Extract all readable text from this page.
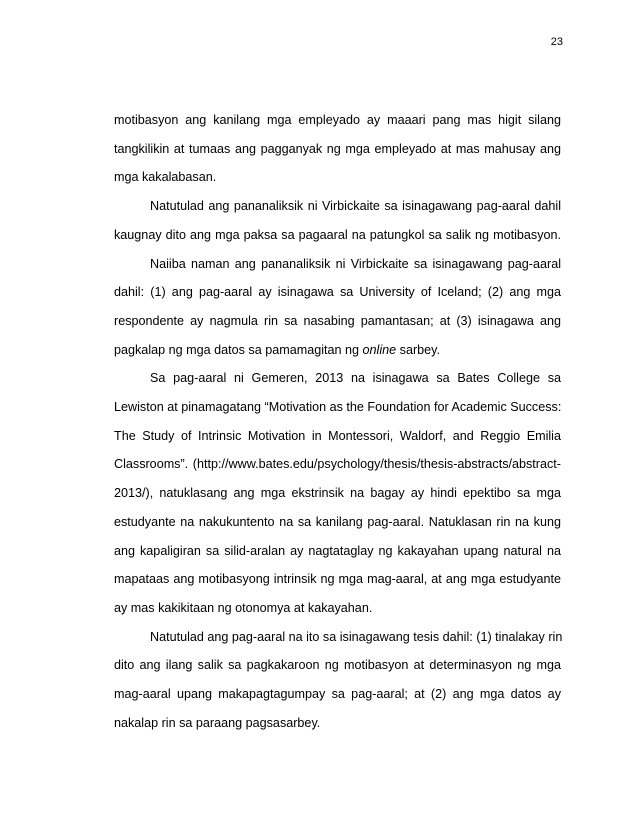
23
motibasyon ang kanilang mga empleyado ay maaari pang mas higit silang
tangkilikin at tumaas ang pagganyak ng mga empleyado at mas mahusay ang
mga kakalabasan.
Natutulad ang pananaliksik ni Virbickaite sa isinagawang pag-aaral dahil
kaugnay dito ang mga paksa sa pagaaral na patungkol sa salik ng motibasyon.
Naiiba naman ang pananaliksik ni Virbickaite sa isinagawang pag-aaral
dahil: (1) ang pag-aaral ay isinagawa sa University of Iceland; (2) ang mga
respondente ay nagmula rin sa nasabing pamantasan; at (3) isinagawa ang
pagkalap ng mga datos sa pamamagitan ng online sarbey.
Sa pag-aaral ni Gemeren, 2013 na isinagawa sa Bates College sa
Lewiston at pinamagatang “Motivation as the Foundation for Academic Success:
The Study of Intrinsic Motivation in Montessori, Waldorf, and Reggio Emilia
Classrooms”. (http://www.bates.edu/psychology/thesis/thesis-abstracts/abstract-
2013/), natuklasang ang mga ekstrinsik na bagay ay hindi epektibo sa mga
estudyante na nakukuntento na sa kanilang pag-aaral. Natuklasan rin na kung
ang kapaligiran sa silid-aralan ay nagtataglay ng kakayahan upang natural na
mapataas ang motibasyong intrinsik ng mga mag-aaral, at ang mga estudyante
ay mas kakikitaan ng otonomya at kakayahan.
Natutulad ang pag-aaral na ito sa isinagawang tesis dahil: (1) tinalakay rin
dito ang ilang salik sa pagkakaroon ng motibasyon at determinasyon ng mga
mag-aaral upang makapagtagumpay sa pag-aaral; at (2) ang mga datos ay
nakalap rin sa paraang pagsasarbey.
